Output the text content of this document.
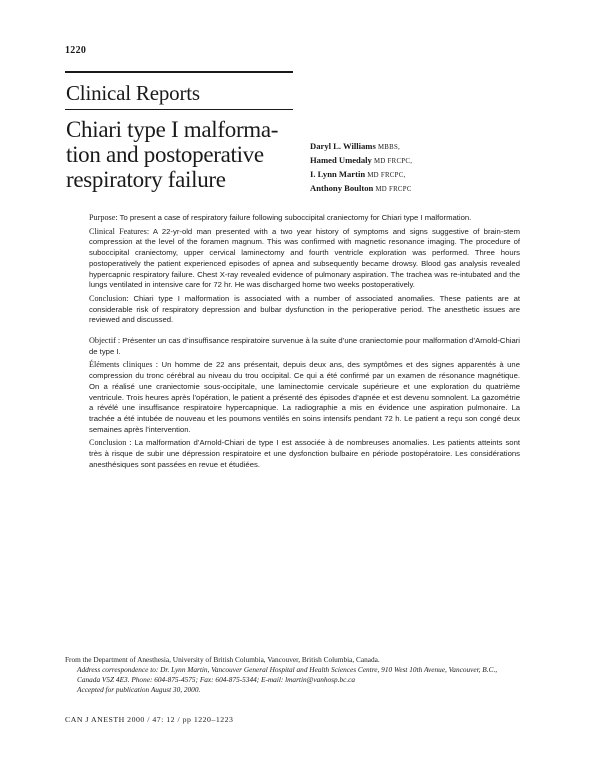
1220
Clinical Reports
Chiari type I malforma-
tion and postoperative
respiratory failure
Daryl L. Williams MBBS,
Hamed Umedaly MD FRCPC,
I. Lynn Martin MD FRCPC,
Anthony Boulton MD FRCPC

Purpose: To present a case of respiratory failure following suboccipital craniectomy for Chiari type I malformation.

Clinical Features: A 22-yr-old man presented with a two year history of symptoms and signs suggestive of brain-stem compression at the level of the foramen magnum. This was confirmed with magnetic resonance imaging. The procedure of suboccipital craniectomy, upper cervical laminectomy and fourth ventricle exploration was performed. Three hours postoperatively the patient experienced episodes of apnea and subsequently became drowsy. Blood gas analysis revealed hypercapnic respiratory failure. Chest X-ray revealed evidence of pulmonary aspiration. The trachea was re-intubated and the lungs ventilated in intensive care for 72 hr. He was discharged home two weeks postoperatively.

Conclusion: Chiari type I malformation is associated with a number of associated anomalies. These patients are at considerable risk of respiratory depression and bulbar dysfunction in the perioperative period. The anesthetic issues are reviewed and discussed.

Objectif : Présenter un cas d’insuffisance respiratoire survenue à la suite d’une craniectomie pour malformation d’Arnold-Chiari de type I.

Éléments cliniques : Un homme de 22 ans présentait, depuis deux ans, des symptômes et des signes apparentés à une compression du tronc cérébral au niveau du trou occipital. Ce qui a été confirmé par un examen de résonance magnétique. On a réalisé une craniectomie sous-occipitale, une laminectomie cervicale supérieure et une exploration du quatrième ventricule. Trois heures après l’opération, le patient a présenté des épisodes d’apnée et est devenu somnolent. La gazométrie a révélé une insuffisance respiratoire hypercapnique. La radiographie a mis en évidence une aspiration pulmonaire. La trachée a été intubée de nouveau et les poumons ventilés en soins intensifs pendant 72 h. Le patient a reçu son congé deux semaines après l’intervention.

Conclusion : La malformation d’Arnold-Chiari de type I est associée à de nombreuses anomalies. Les patients atteints sont très à risque de subir une dépression respiratoire et une dysfonction bulbaire en période postopératoire. Les considérations anesthésiques sont passées en revue et étudiées.

From the Department of Anesthesia, University of British Columbia, Vancouver, British Columbia, Canada.
Address correspondence to: Dr. Lynn Martin, Vancouver General Hospital and Health Sciences Centre, 910 West 10th Avenue, Vancouver, B.C., Canada V5Z 4E3. Phone: 604-875-4575; Fax: 604-875-5344; E-mail: lmartin@vanhosp.bc.ca
Accepted for publication August 30, 2000.
CAN J ANESTH 2000 / 47: 12 / pp 1220–1223
